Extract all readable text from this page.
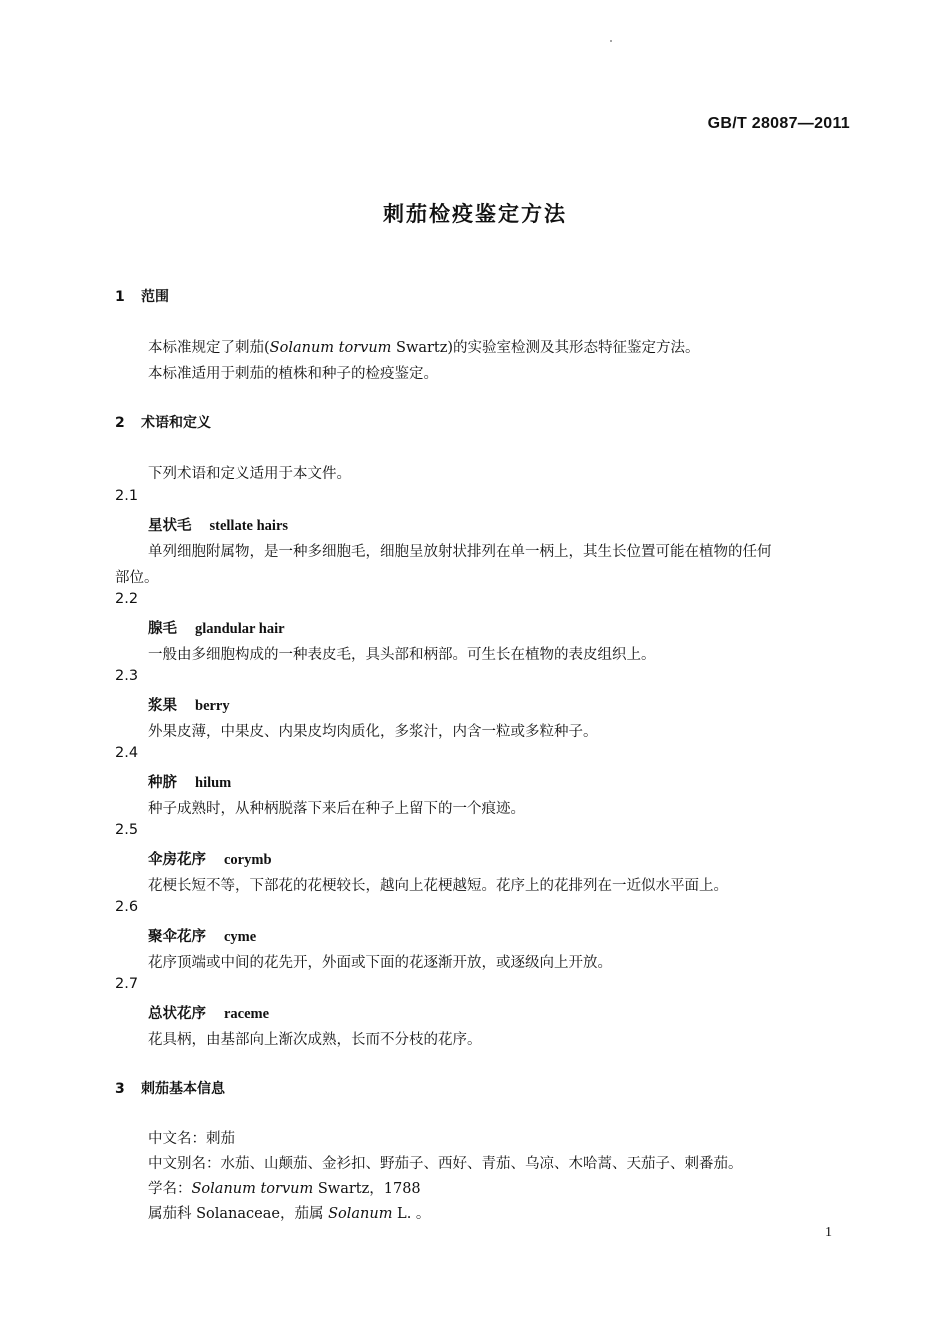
GB/T 28087—2011
刺茄检疫鉴定方法
1 范围
本标准规定了刺茄(Solanum torvum Swartz)的实验室检测及其形态特征鉴定方法。
本标准适用于刺茄的植株和种子的检疫鉴定。
2 术语和定义
下列术语和定义适用于本文件。
2.1
星状毛 stellate hairs
单列细胞附属物，是一种多细胞毛，细胞呈放射状排列在单一柄上，其生长位置可能在植物的任何
部位。
2.2
腺毛 glandular hair
一般由多细胞构成的一种表皮毛，具头部和柄部。可生长在植物的表皮组织上。
2.3
浆果 berry
外果皮薄，中果皮、内果皮均肉质化，多浆汁，内含一粒或多粒种子。
2.4
种脐 hilum
种子成熟时，从种柄脱落下来后在种子上留下的一个痕迹。
2.5
伞房花序 corymb
花梗长短不等，下部花的花梗较长，越向上花梗越短。花序上的花排列在一近似水平面上。
2.6
聚伞花序 cyme
花序顶端或中间的花先开，外面或下面的花逐渐开放，或逐级向上开放。
2.7
总状花序 raceme
花具柄，由基部向上渐次成熟，长而不分枝的花序。
3 刺茄基本信息
中文名：刺茄
中文别名：水茄、山颠茄、金衫扣、野茄子、西好、青茄、乌凉、木哈蒿、天茄子、刺番茄。
学名：Solanum torvum Swartz，1788
属茄科 Solanaceae，茄属 Solanum L. 。
1
